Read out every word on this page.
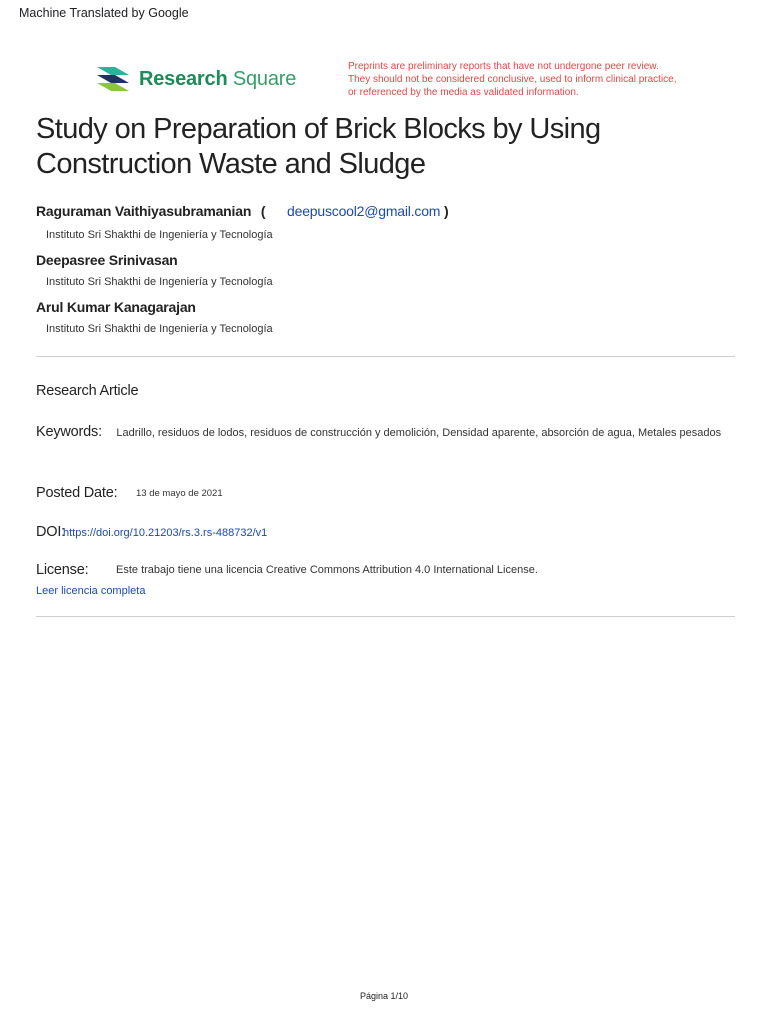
Machine Translated by Google
Research Square
Preprints are preliminary reports that have not undergone peer review.
They should not be considered conclusive, used to inform clinical practice,
or referenced by the media as validated information.
Study on Preparation of Brick Blocks by Using Construction Waste and Sludge
Raguraman Vaithiyasubramanian ( deepuscool2@gmail.com )
Instituto Sri Shakthi de Ingeniería y Tecnología
Deepasree Srinivasan
Instituto Sri Shakthi de Ingeniería y Tecnología
Arul Kumar Kanagarajan
Instituto Sri Shakthi de Ingeniería y Tecnología
Research Article
Keywords: Ladrillo, residuos de lodos, residuos de construcción y demolición, Densidad aparente, absorción de agua, Metales pesados
Posted Date: 13 de mayo de 2021
DOI:
https://doi.org/10.21203/rs.3.rs-488732/v1
License:	Este trabajo tiene una licencia Creative Commons Attribution 4.0 International License.
Leer licencia completa
Página 1/10
